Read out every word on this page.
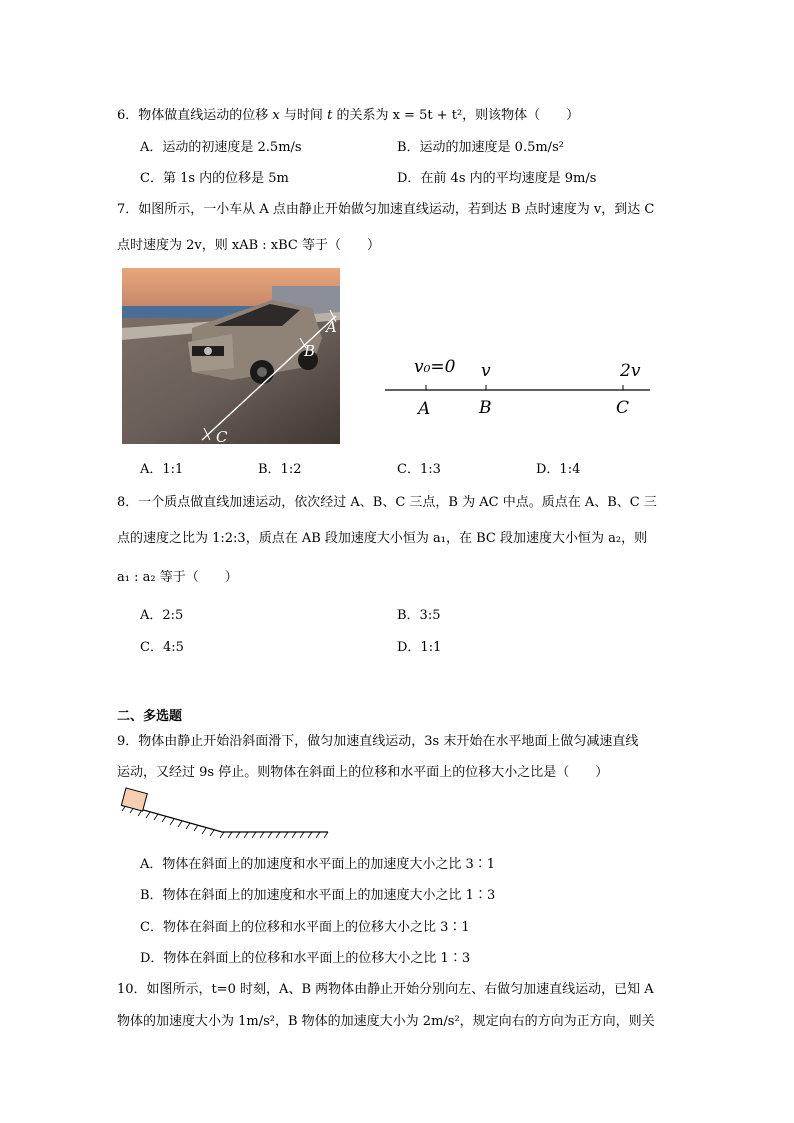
6．物体做直线运动的位移 x 与时间 t 的关系为 x = 5t + t²，则该物体（　　）
A．运动的初速度是 2.5m/s	B．运动的加速度是 0.5m/s²
C．第 1s 内的位移是 5m	D．在前 4s 内的平均速度是 9m/s
7．如图所示，一小车从 A 点由静止开始做匀加速直线运动，若到达 B 点时速度为 v，到达 C
点时速度为 2v，则 xAB : xBC 等于（　　）
A
B
C
v₀=0 v	2v
A	B	C
A．1:1	B．1:2	C．1:3	D．1:4
8．一个质点做直线加速运动，依次经过 A、B、C 三点，B 为 AC 中点。质点在 A、B、C 三
点的速度之比为 1:2:3，质点在 AB 段加速度大小恒为 a₁，在 BC 段加速度大小恒为 a₂，则
a₁ : a₂ 等于（　　）
A．2:5	B．3:5
C．4:5	D．1:1
二、多选题
9．物体由静止开始沿斜面滑下，做匀加速直线运动，3s 末开始在水平地面上做匀减速直线
运动，又经过 9s 停止。则物体在斜面上的位移和水平面上的位移大小之比是（　　）
A．物体在斜面上的加速度和水平面上的加速度大小之比 3∶1
B．物体在斜面上的加速度和水平面上的加速度大小之比 1∶3
C．物体在斜面上的位移和水平面上的位移大小之比 3∶1
D．物体在斜面上的位移和水平面上的位移大小之比 1∶3
10．如图所示，t=0 时刻，A、B 两物体由静止开始分别向左、右做匀加速直线运动，已知 A
物体的加速度大小为 1m/s²，B 物体的加速度大小为 2m/s²，规定向右的方向为正方向，则关
